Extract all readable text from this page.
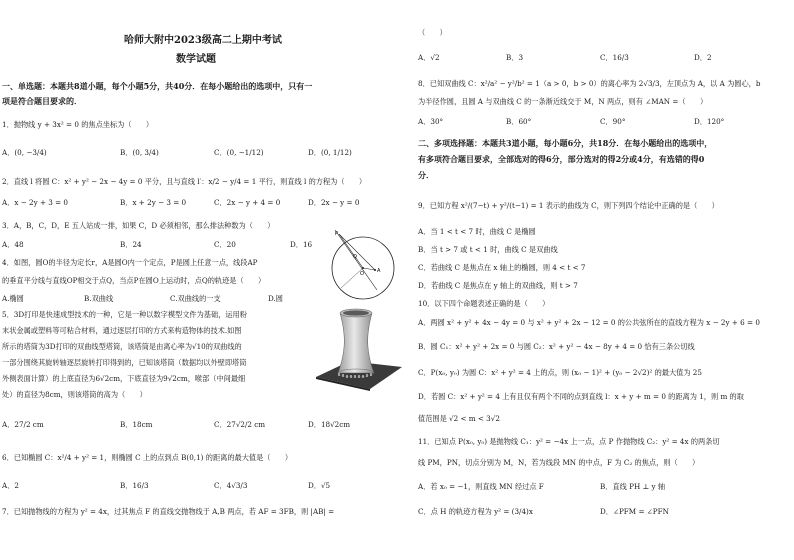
哈师大附中2023级高二上期中考试
数学试题
一、单选题：本题共8道小题，每个小题5分，共40分．在每小题给出的选项中，只有一
项是符合题目要求的．
1．抛物线 y + 3x² = 0 的焦点坐标为（　　）
A．(0, −3/4)	B．(0, 3/4)	C．(0, −1/12)	D．(0, 1/12)
2．直线 l 将圆 C：x² + y² − 2x − 4y = 0 平分，且与直线 l′：x/2 − y/4 = 1 平行，则直线 l 的方程为（　　）
A．x − 2y + 3 = 0	B．x + 2y − 3 = 0	C．2x − y + 4 = 0	D．2x − y = 0
3．A，B，C，D，E 五人站成一排，如果 C，D 必须相邻，那么排法种数为（　　）
A．48	B．24	C．20	D．16
4．如图，圆O的半径为定长r，A是圆O内一个定点，P是圆上任意一点，线段AP
的垂直平分线与直线OP相交于点Q，当点P在圆O上运动时，点Q的轨迹是（　　）
A.椭圆	B.双曲线	C.双曲线的一支	D.圆
5．3D打印是快速成型技术的一种，它是一种以数字模型文件为基础，运用粉
末状金属或塑料等可粘合材料，通过逐层打印的方式来构造物体的技术.如图
所示的塔筒为3D打印的双曲线型塔筒，该塔筒是由离心率为√10的双曲线的
一部分围绕其旋转轴逐层旋转打印得到的，已知该塔筒（数据均以外壁即塔筒
外侧表面计算）的上底直径为6√2cm，下底直径为9√2cm，喉部（中间最细
处）的直径为8cm，则该塔筒的高为（　　）
A．27/2 cm	B．18cm	C．27√2/2 cm	D．18√2cm
6．已知椭圆 C：x²/4 + y² = 1，则椭圆 C 上的点到点 B(0,1) 的距离的最大值是（　　）
A．2	B．16/3	C．4√3/3	D．√5
7．已知抛物线的方程为 y² = 4x，过其焦点 F 的直线交抛物线于 A,B 两点，若 AF = 3FB，则 |AB| =
P
Q
O	A
（　　）
A．√2	B．3	C．16/3	D．2
8．已知双曲线 C：x²/a² − y²/b² = 1（a > 0，b > 0）的离心率为 2√3/3，左顶点为 A，以 A 为圆心，b
为半径作圆，且圆 A 与双曲线 C 的一条渐近线交于 M，N 两点，则有 ∠MAN =（　　）
A．30°	B．60°	C．90°	D．120°
二、多项选择题：本题共3道小题，每小题6分，共18分．在每小题给出的选项中，
有多项符合题目要求，全部选对的得6分，部分选对的得2分或4分，有选错的得0
分．
9．已知方程 x²/(7−t) + y²/(t−1) = 1 表示的曲线为 C，则下列四个结论中正确的是（　　）
A．当 1 < t < 7 时，曲线 C 是椭圆
B．当 t > 7 或 t < 1 时，曲线 C 是双曲线
C．若曲线 C 是焦点在 x 轴上的椭圆，则 4 < t < 7
D．若曲线 C 是焦点在 y 轴上的双曲线，则 t > 7
10．以下四个命题表述正确的是（　　）
A．两圆 x² + y² + 4x − 4y = 0 与 x² + y² + 2x − 12 = 0 的公共弦所在的直线方程为 x − 2y + 6 = 0
B．圆 C₁：x² + y² + 2x = 0 与圆 C₂：x² + y² − 4x − 8y + 4 = 0 恰有三条公切线
C．P(x₀, y₀) 为圆 C：x² + y² = 4 上的点，则 (x₀ − 1)² + (y₀ − 2√2)² 的最大值为 25
D．若圆 C：x² + y² = 4 上有且仅有两个不同的点到直线 l：x + y + m = 0 的距离为 1，则 m 的取
值范围是 √2 < m < 3√2
11．已知点 P(x₀, y₀) 是抛物线 C₁：y² = −4x 上一点，点 P 作抛物线 C₂：y² = 4x 的两条切
线 PM，PN，切点分别为 M，N，若为线段 MN 的中点，F 为 C₂ 的焦点，则（　　）
A．若 x₀ = −1，则直线 MN 经过点 F	B．直线 PH ⊥ y 轴
C．点 H 的轨迹方程为 y² = (3/4)x	D．∠PFM = ∠PFN
